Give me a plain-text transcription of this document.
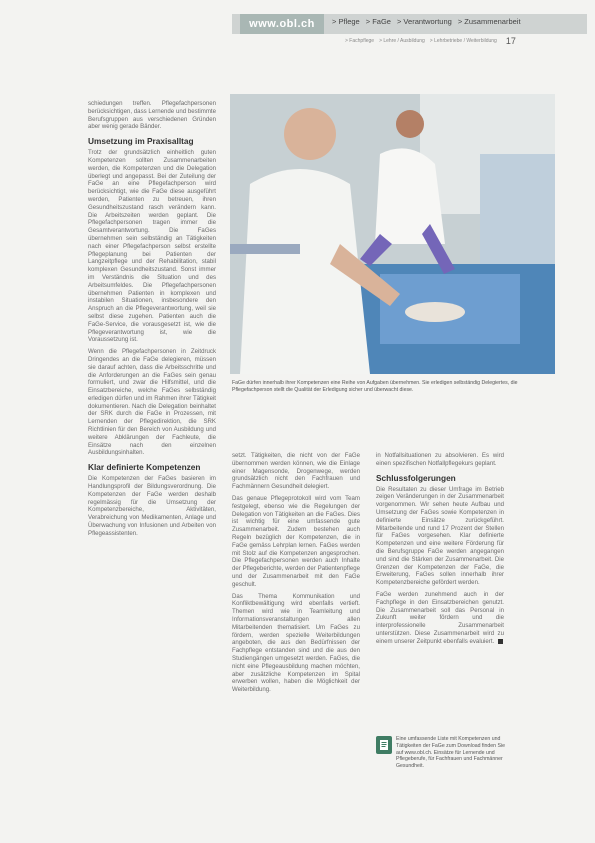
www.obl.ch	> Pflege > FaGe > Verantwortung > Zusammenarbeit
> Fachpflege > Lehre / Ausbildung > Lehrbetriebe / Weiterbildung 17
FaGe dürfen innerhalb ihrer Kompetenzen eine Reihe von Aufgaben übernehmen. Sie erledigen selbständig Delegiertes, die Pflegefachperson stellt die Qualität der Erledigung sicher und überwacht diese.

schiedungen treffen. Pflegefachpersonen berücksichtigen, dass Lernende und bestimmte Berufsgruppen aus verschiedenen Gründen aber wenig gerade Bänder.

Umsetzung im Praxisalltag

Trotz der grundsätzlich einheitlich guten Kompetenzen sollten Zusammenarbeiten werden, die Kompetenzen und die Delegation überlegt und angepasst. Bei der Zuteilung der FaGe an eine Pflegefachperson wird berücksichtigt, wie die FaGe diese ausgeführt werden, Patienten zu betreuen, ihren Gesundheitszustand rasch verändern kann. Die Arbeitszeiten werden geplant. Die Pflegefachpersonen tragen immer die Gesamtverantwortung. Die FaGes übernehmen sein selbständig an Tätigkeiten nach einer Pflegefachperson selbst erstellte Pflegeplanung bei Patienten der Langzeitpflege und der Rehabilitation, stabil komplexen Gesundheitszustand. Sonst immer im Verständnis die Situation und des Arbeitsumfeldes. Die Pflegefachpersonen übernehmen Patienten in komplexen und instabilen Situationen, insbesondere den Anspruch an die Pflegeverantwortung, weil sie selbst diese zugehen. Patienten auch die FaGe-Service, die vorausgesetzt ist, wie die Pflegeverantwortung ist, wie die Voraussetzung ist.

Wenn die Pflegefachpersonen in Zeitdruck Dringendes an die FaGe delegieren, müssen sie darauf achten, dass die Arbeitsschritte und die Anforderungen an die FaGes sein genau formuliert, und zwar die Hilfsmittel, und die Einsatzbereiche, welche FaGes selbständig erledigen dürfen und im Rahmen ihrer Tätigkeit dokumentieren. Nach die Delegation beinhaltet der SRK durch die FaGe in Prozessen, mit Lernenden der Pflegedirektion, die SRK Richtlinien für den Bereich von Ausbildung und weitere Abklärungen der Fachleute, die Einsätze nach den einzelnen Ausbildungsinhalten.

Klar definierte Kompetenzen

Die Kompetenzen der FaGes basieren im Handlungsprofil der Bildungsverordnung. Die Kompetenzen der FaGe werden deshalb regelmässig für die Umsetzung der Kompetenzbereiche, Aktivitäten, Verabreichung von Medikamenten, Anlage und Überwachung von Infusionen und Arbeiten von Pflegeassistenten.

setzt. Tätigkeiten, die nicht von der FaGe übernommen werden können, wie die Einlage einer Magensonde, Drogenwege, werden grundsätzlich nicht den Fachfrauen und Fachmännern Gesundheit delegiert.

Das genaue Pflegeprotokoll wird vom Team festgelegt, ebenso wie die Regelungen der Delegation von Tätigkeiten an die FaGes. Dies ist wichtig für eine umfassende gute Zusammenarbeit. Zudem bestehen auch Regeln bezüglich der Kompetenzen, die in FaGe gemäss Lehrplan lernen. FaGes werden mit Stolz auf die Kompetenzen angesprochen. Die Pflegefachpersonen werden auch Inhalte der Pflegeberichte, werden der Patientenpflege und der Zusammenarbeit mit den FaGe geschult.

Das Thema Kommunikation und Konfliktbewältigung wird ebenfalls vertieft. Themen wird wie in Teamleitung und Informationsveranstaltungen allen Mitarbeitenden thematisiert. Um FaGes zu fördern, werden spezielle Weiterbildungen angeboten, die aus den Bedürfnissen der Fachpflege entstanden sind und die aus den Studiengängen umgesetzt werden. FaGes, die nicht eine Pflegeausbildung machen möchten, aber zusätzliche Kompetenzen im Spital erwerben wollen, haben die Möglichkeit der Weiterbildung.

in Notfallsituationen zu absolvieren. Es wird einen spezifischen Notfallpflegekurs geplant.

Schlussfolgerungen

Die Resultaten zu dieser Umfrage im Betrieb zeigen Veränderungen in der Zusammenarbeit vorgenommen. Wir sehen heute Aufbau und Umsetzung der FaGes sowie Kompetenzen in definierte Einsätze zurückgeführt. Mitarbeitende und rund 17 Prozent der Stellen für FaGes vorgesehen. Klar definierte Kompetenzen und eine weitere Förderung für die Berufsgruppe FaGe werden angegangen und sind die Stärken der Zusammenarbeit. Die Grenzen der Kompetenzen der FaGe, die Erweiterung, FaGes sollen innerhalb ihrer Kompetenzbereiche gefördert werden.

FaGe werden zunehmend auch in der Fachpflege in den Einsatzbereichen genutzt. Die Zusammenarbeit soll das Personal in Zukunft weiter fördern und die interprofessionelle Zusammenarbeit unterstützen. Diese Zusammenarbeit wird zu einem unserer Zeitpunkt ebenfalls evaluiert.

Eine umfassende Liste mit Kompetenzen und Tätigkeiten der FaGe zum Download finden Sie auf www.obl.ch. Einsätze für Lernende und Pflegeberufe, für Fachfrauen und Fachmänner Gesundheit.
